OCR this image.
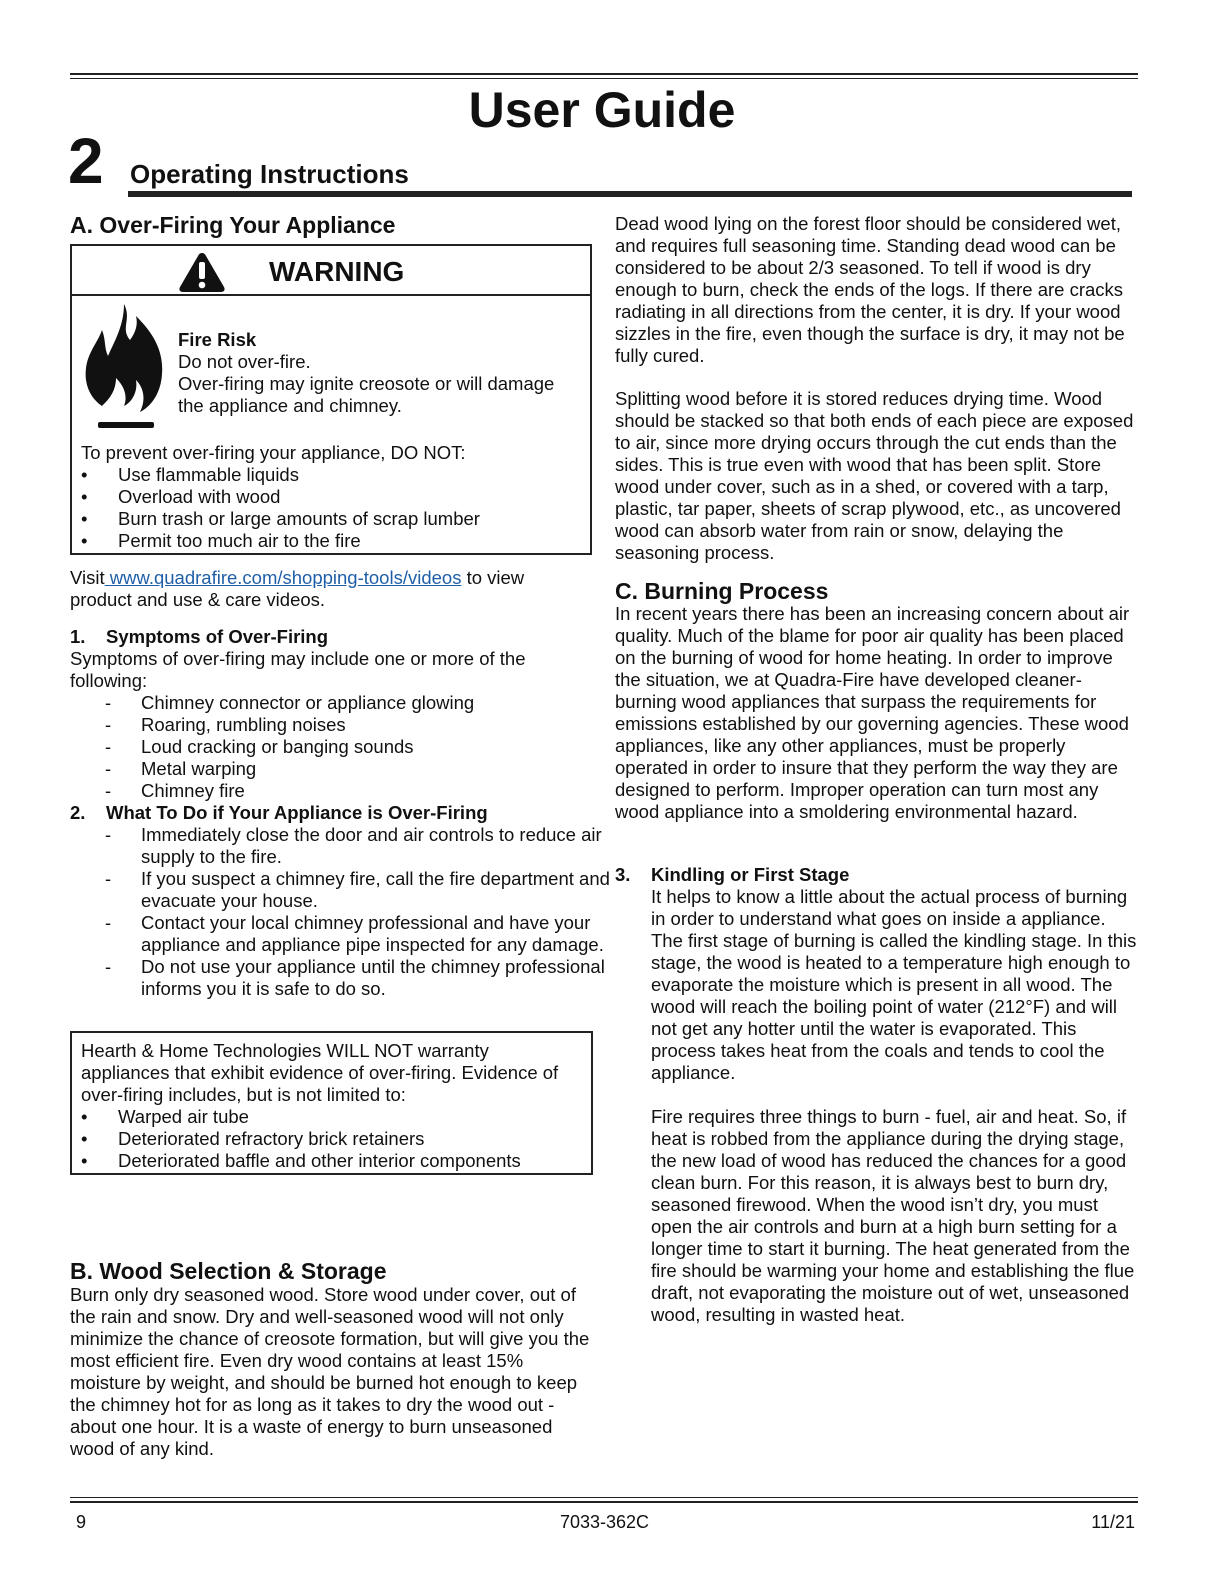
User Guide
2 Operating Instructions
A. Over-Firing Your Appliance
WARNING
Fire Risk
Do not over-fire.
Over-firing may ignite creosote or will damage
the appliance and chimney.
To prevent over-firing your appliance, DO NOT:
• Use flammable liquids
• Overload with wood
• Burn trash or large amounts of scrap lumber
• Permit too much air to the fire
Visit www.quadrafire.com/shopping-tools/videos to view
product and use & care videos.
1. Symptoms of Over-Firing
Symptoms of over-firing may include one or more of the following:
- Chimney connector or appliance glowing
- Roaring, rumbling noises
- Loud cracking or banging sounds
- Metal warping
- Chimney fire
2. What To Do if Your Appliance is Over-Firing
- Immediately close the door and air controls to reduce air supply to the fire.
- If you suspect a chimney fire, call the fire department and evacuate your house.
- Contact your local chimney professional and have your appliance and appliance pipe inspected for any damage.
- Do not use your appliance until the chimney professional informs you it is safe to do so.
Hearth & Home Technologies WILL NOT warranty appliances that exhibit evidence of over-firing. Evidence of over-firing includes, but is not limited to:
• Warped air tube
• Deteriorated refractory brick retainers
• Deteriorated baffle and other interior components
B. Wood Selection & Storage

Burn only dry seasoned wood. Store wood under cover, out of the rain and snow. Dry and well-seasoned wood will not only minimize the chance of creosote formation, but will give you the most efficient fire. Even dry wood contains at least 15% moisture by weight, and should be burned hot enough to keep the chimney hot for as long as it takes to dry the wood out - about one hour. It is a waste of energy to burn unseasoned wood of any kind.

Dead wood lying on the forest floor should be considered wet, and requires full seasoning time. Standing dead wood can be considered to be about 2/3 seasoned. To tell if wood is dry enough to burn, check the ends of the logs. If there are cracks radiating in all directions from the center, it is dry. If your wood sizzles in the fire, even though the surface is dry, it may not be fully cured.

Splitting wood before it is stored reduces drying time. Wood should be stacked so that both ends of each piece are exposed to air, since more drying occurs through the cut ends than the sides. This is true even with wood that has been split. Store wood under cover, such as in a shed, or covered with a tarp, plastic, tar paper, sheets of scrap plywood, etc., as uncovered wood can absorb water from rain or snow, delaying the seasoning process.

C. Burning Process

In recent years there has been an increasing concern about air quality. Much of the blame for poor air quality has been placed on the burning of wood for home heating. In order to improve the situation, we at Quadra-Fire have developed cleaner-burning wood appliances that surpass the requirements for emissions established by our governing agencies. These wood appliances, like any other appliances, must be properly operated in order to insure that they perform the way they are designed to perform. Improper operation can turn most any wood appliance into a smoldering environmental hazard.

3. Kindling or First Stage

It helps to know a little about the actual process of burning in order to understand what goes on inside a appliance. The first stage of burning is called the kindling stage. In this stage, the wood is heated to a temperature high enough to evaporate the moisture which is present in all wood. The wood will reach the boiling point of water (212°F) and will not get any hotter until the water is evaporated. This process takes heat from the coals and tends to cool the appliance.

Fire requires three things to burn - fuel, air and heat. So, if heat is robbed from the appliance during the drying stage, the new load of wood has reduced the chances for a good clean burn. For this reason, it is always best to burn dry, seasoned firewood. When the wood isn’t dry, you must open the air controls and burn at a high burn setting for a longer time to start it burning. The heat generated from the fire should be warming your home and establishing the flue draft, not evaporating the moisture out of wet, unseasoned wood, resulting in wasted heat.

9	7033-362C	11/21
